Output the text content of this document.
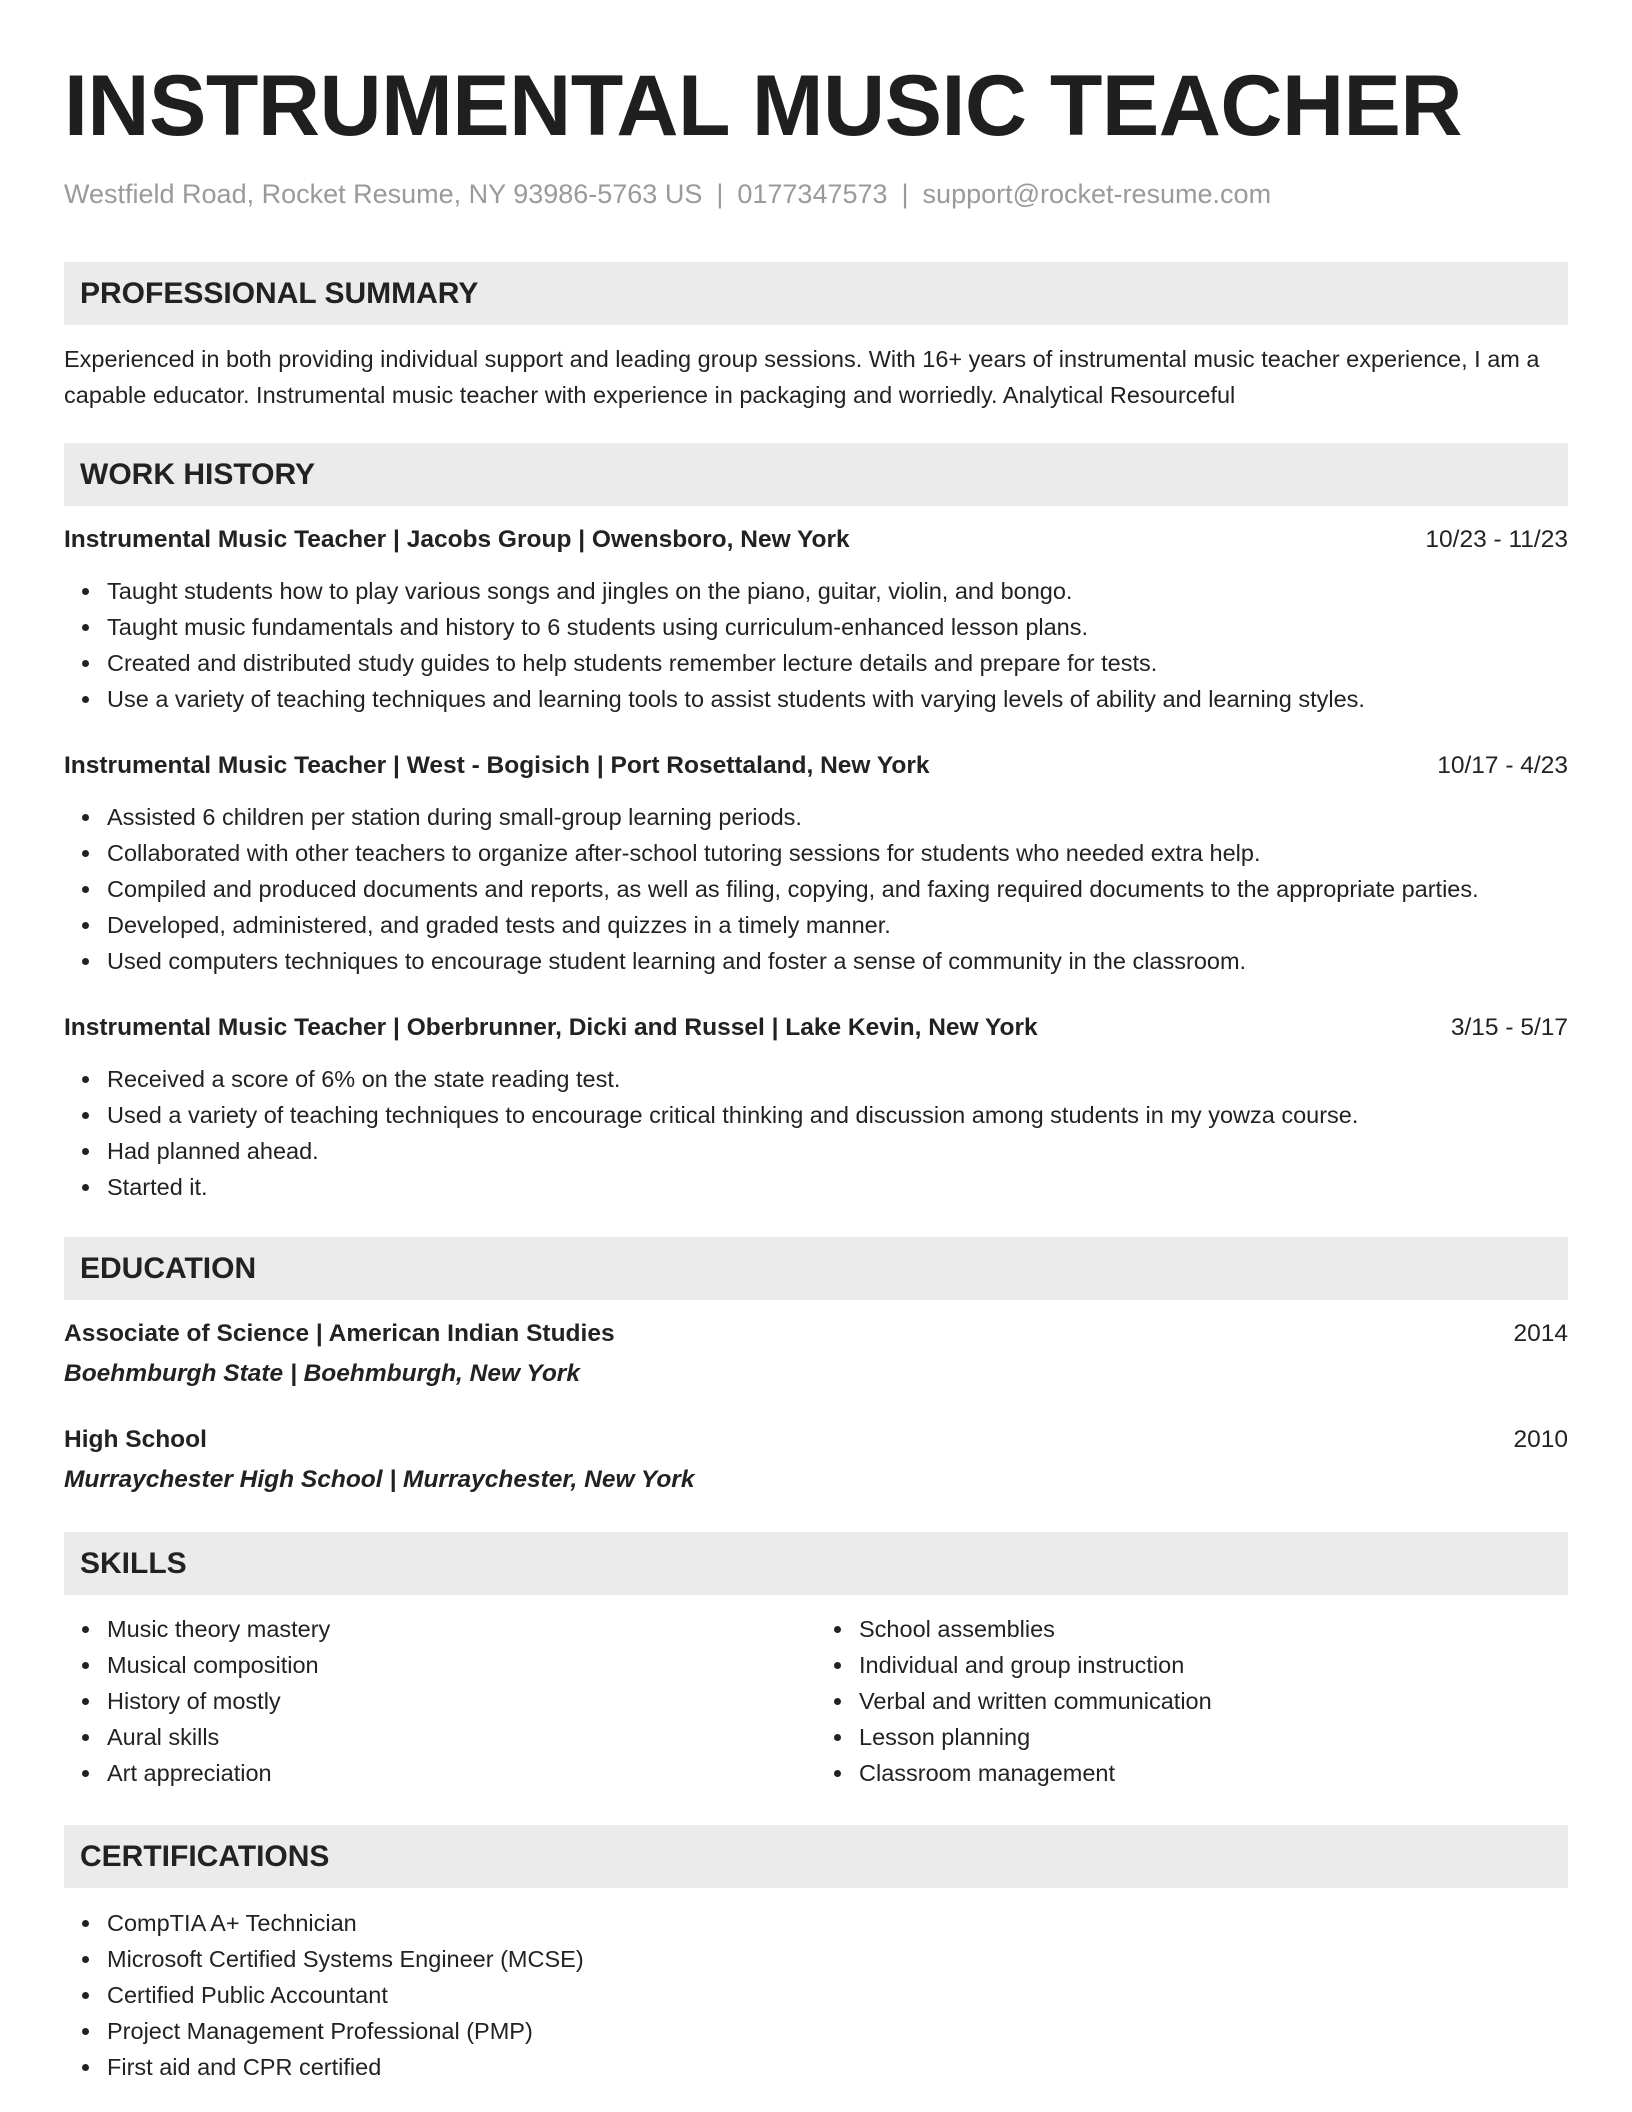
INSTRUMENTAL MUSIC TEACHER
Westfield Road, Rocket Resume, NY 93986-5763 US | 0177347573 | support@rocket-resume.com
PROFESSIONAL SUMMARY
Experienced in both providing individual support and leading group sessions. With 16+ years of instrumental music teacher experience, I am a capable educator. Instrumental music teacher with experience in packaging and worriedly. Analytical Resourceful
WORK HISTORY
Instrumental Music Teacher | Jacobs Group | Owensboro, New York	10/23 - 11/23
Taught students how to play various songs and jingles on the piano, guitar, violin, and bongo.
Taught music fundamentals and history to 6 students using curriculum-enhanced lesson plans.
Created and distributed study guides to help students remember lecture details and prepare for tests.
Use a variety of teaching techniques and learning tools to assist students with varying levels of ability and learning styles.
Instrumental Music Teacher | West - Bogisich | Port Rosettaland, New York	10/17 - 4/23
Assisted 6 children per station during small-group learning periods.
Collaborated with other teachers to organize after-school tutoring sessions for students who needed extra help.
Compiled and produced documents and reports, as well as filing, copying, and faxing required documents to the appropriate parties.
Developed, administered, and graded tests and quizzes in a timely manner.
Used computers techniques to encourage student learning and foster a sense of community in the classroom.
Instrumental Music Teacher | Oberbrunner, Dicki and Russel | Lake Kevin, New York	3/15 - 5/17
Received a score of 6% on the state reading test.
Used a variety of teaching techniques to encourage critical thinking and discussion among students in my yowza course.
Had planned ahead.
Started it.
EDUCATION
Associate of Science | American Indian Studies	2014
Boehmburgh State | Boehmburgh, New York
High School	2010
Murraychester High School | Murraychester, New York
SKILLS
Music theory mastery
Musical composition
History of mostly
Aural skills
Art appreciation
School assemblies
Individual and group instruction
Verbal and written communication
Lesson planning
Classroom management
CERTIFICATIONS
CompTIA A+ Technician
Microsoft Certified Systems Engineer (MCSE)
Certified Public Accountant
Project Management Professional (PMP)
First aid and CPR certified
